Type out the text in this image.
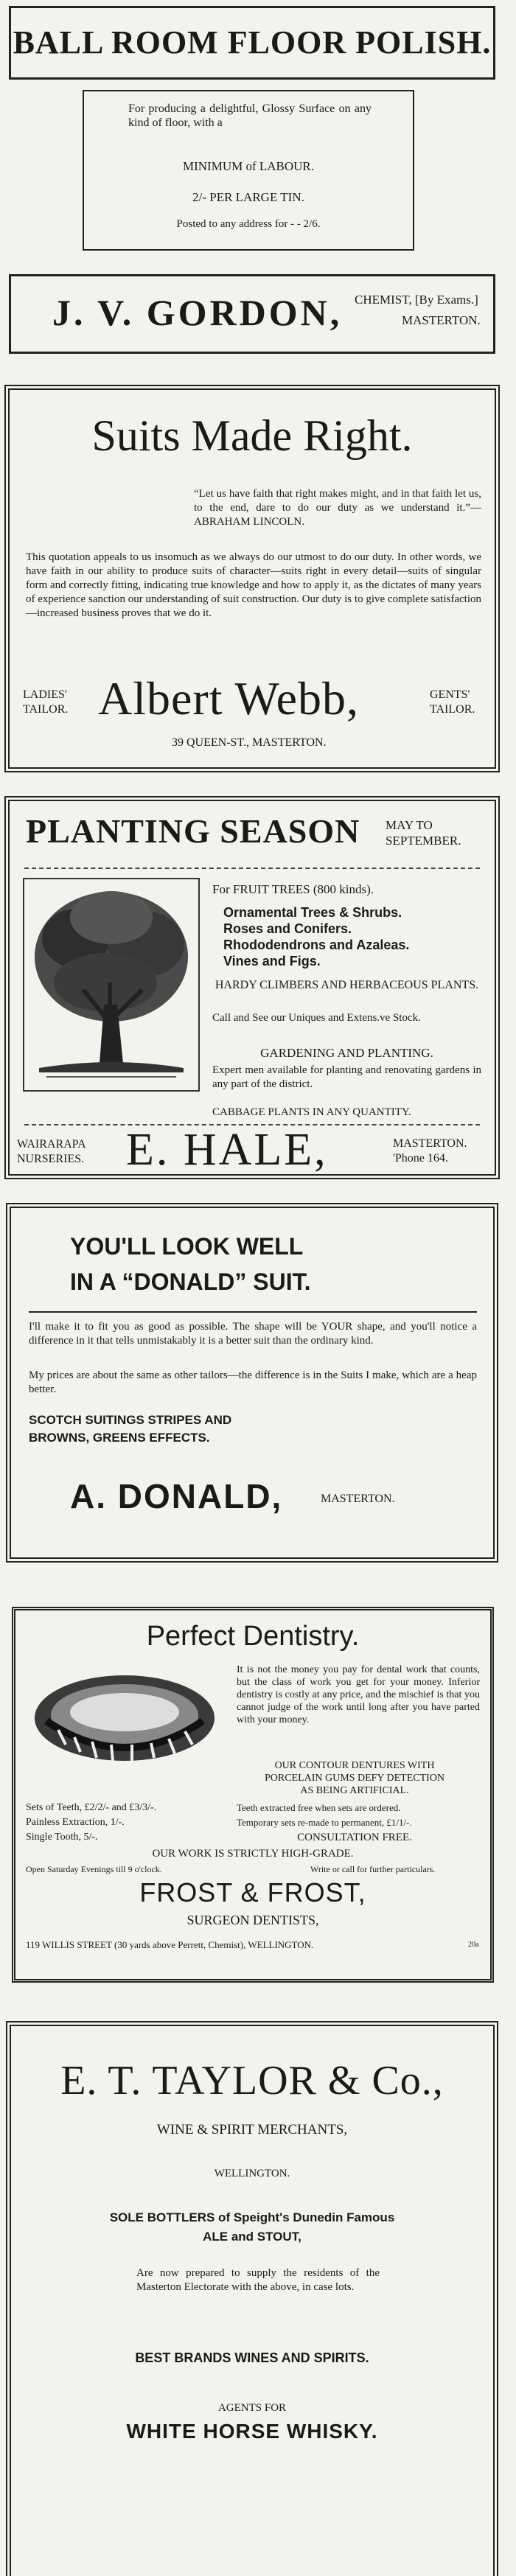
BALL ROOM FLOOR POLISH.
For producing a delightful, Glossy Surface on any kind of floor, with a
MINIMUM of LABOUR.
2/- PER LARGE TIN.
Posted to any address for - - 2/6.
J. V. GORDON, CHEMIST, [By Exams.]
MASTERTON.
Suits Made Right.
“Let us have faith that right makes might, and in that faith let us, to the end, dare to do our duty as we understand it.”—ABRAHAM LINCOLN.
This quotation appeals to us insomuch as we always do our utmost to do our duty. In other words, we have faith in our ability to produce suits of character—suits right in every detail—suits of singular form and correctly fitting, indicating true knowledge and how to apply it, as the dictates of many years of experience sanction our understanding of suit construction. Our duty is to give complete satisfaction—increased business proves that we do it.
LADIES' TAILOR. Albert Webb,	GENTS' TAILOR.
39 QUEEN-ST., MASTERTON.
PLANTING SEASON MAY TO SEPTEMBER.
For FRUIT TREES (800 kinds).
Ornamental Trees & Shrubs.
Roses and Conifers.
Rhododendrons and Azaleas.
Vines and Figs.
HARDY CLIMBERS AND HERBACEOUS PLANTS.
Call and See our Uniques and Extens.ve Stock.
GARDENING AND PLANTING.
Expert men available for planting and renovating gardens in any part of the district.
CABBAGE PLANTS IN ANY QUANTITY.
WAIRARAPA NURSERIES. E. HALE,	MASTERTON.
'Phone 164.
YOU'LL LOOK WELL
IN A “DONALD” SUIT.
I'll make it to fit you as good as possible. The shape will be YOUR shape, and you'll notice a difference in it that tells unmistakably it is a better suit than the ordinary kind.
My prices are about the same as other tailors—the difference is in the Suits I make, which are a heap better.
SCOTCH SUITINGS STRIPES AND
BROWNS, GREENS EFFECTS.
A. DONALD,	MASTERTON.
Perfect Dentistry.
It is not the money you pay for dental work that counts, but the class of work you get for your money. Inferior dentistry is costly at any price, and the mischief is that you cannot judge of the work until long after you have parted with your money.
OUR CONTOUR DENTURES WITH
PORCELAIN GUMS DEFY DETECTION
AS BEING ARTIFICIAL.
Sets of Teeth, £2/2/- and £3/3/-.
Painless Extraction, 1/-.
Single Tooth, 5/-.
Teeth extracted free when sets are ordered.
Temporary sets re-made to permanent, £1/1/-.
CONSULTATION FREE.
OUR WORK IS STRICTLY HIGH-GRADE.
Open Saturday Evenings till 9 o'clock.	Write or call for further particulars.
FROST & FROST,
SURGEON DENTISTS,
119 WILLIS STREET (30 yards above Perrett, Chemist), WELLINGTON.	20a
E. T. TAYLOR & Co.,
WINE & SPIRIT MERCHANTS,
WELLINGTON.
SOLE BOTTLERS of Speight's Dunedin Famous
ALE and STOUT,
Are now prepared to supply the residents of the Masterton Electorate with the above, in case lots.
BEST BRANDS WINES AND SPIRITS.
AGENTS FOR
WHITE HORSE WHISKY.
